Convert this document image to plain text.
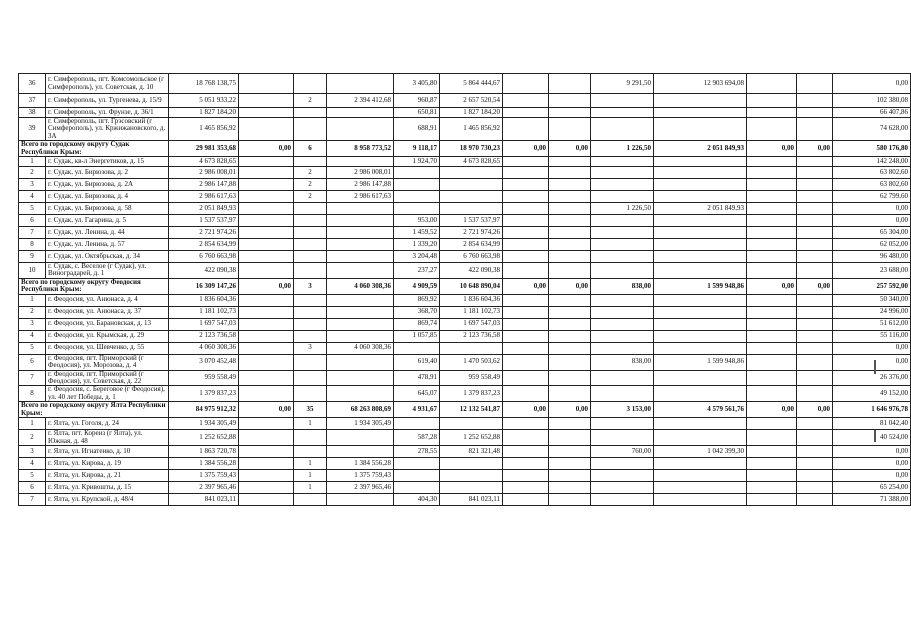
36	г. Симферополь, пгт. Комсомольское (г Симферополь), ул. Советская, д. 10	18 768 138,75				3 405,80	5 864 444,67			9 291,50	12 903 694,08			0,00
37	г. Симферополь, ул. Тургенева, д. 15/9	5 051 933,22		2	2 394 412,68	960,87	2 657 520,54							102 380,08
38	г. Симферополь, ул. Фрунзе, д. 36/1	1 827 184,20				650,81	1 827 184,20							66 407,86
39	г. Симферополь, пгт. Грэсовский (г Симферополь), ул. Кржижановского, д. 3А	1 465 856,92				688,91	1 465 856,92							74 628,00
Всего по городскому округу Судак Республики Крым:		29 981 353,68	0,00	6	8 958 773,52	9 118,17	18 970 730,23	0,00	0,00	1 226,50	2 051 849,93	0,00	0,00	580 176,80
1	г. Судак, кв-л Энергетиков, д. 15	4 673 828,65				1 924,70	4 673 828,65							142 248,00
2	г. Судак, ул. Бирюзова, д. 2	2 986 008,01		2	2 986 008,01									63 802,60
3	г. Судак, ул. Бирюзова, д. 2А	2 986 147,88		2	2 986 147,88									63 802,60
4	г. Судак, ул. Бирюзова, д. 4	2 986 617,63		2	2 986 617,63									62 799,60
5	г. Судак, ул. Бирюзова, д. 58	2 051 849,93								1 226,50	2 051 849,93			0,00
6	г. Судак, ул. Гагарина, д. 5	1 537 537,97				953,00	1 537 537,97							0,00
7	г. Судак, ул. Ленина, д. 44	2 721 974,26				1 459,52	2 721 974,26							65 304,00
8	г. Судак, ул. Ленина, д. 57	2 854 634,99				1 339,20	2 854 634,99							62 052,00
9	г. Судак, ул. Октябрьская, д. 34	6 760 663,98				3 204,48	6 760 663,98							96 480,00
10	г. Судак, с. Веселое (г Судак), ул. Виноградарей, д. 1	422 090,38				237,27	422 090,38							23 688,00
Всего по городскому округу Феодосия Республики Крым:		16 309 147,26	0,00	3	4 060 308,36	4 909,59	10 648 890,04	0,00	0,00	838,00	1 599 948,86	0,00	0,00	257 592,00
1	г. Феодосия, ул. Анюнаса, д. 4	1 836 604,36				869,92	1 836 604,36							50 340,00
2	г. Феодосия, ул. Анюнаса, д. 37	1 181 102,73				368,70	1 181 102,73							24 996,00
3	г. Феодосия, ул. Барановская, д. 13	1 697 547,03				869,74	1 697 547,03							51 612,00
4	г. Феодосия, ул. Крымская, д. 29	2 123 736,58				1 057,85	2 123 736,58							55 116,00
5	г. Феодосия, ул. Шевченко, д. 55	4 060 308,36		3	4 060 308,36									0,00
6	г. Феодосия, пгт. Приморский (г Феодосия), ул. Морозова, д. 4	3 070 452,48				619,40	1 470 503,62			838,00	1 599 948,86			0,00
7	г. Феодосия, пгт. Приморский (г Феодосия), ул. Советская, д. 22	959 558,49				478,91	959 558,49							26 376,00
8	г. Феодосия, с. Береговое (г Феодосия), ул. 40 лет Победы, д. 1	1 379 837,23				645,07	1 379 837,23							49 152,00
Всего по городскому округу Ялта Республики Крым:		84 975 912,32	0,00	35	68 263 808,69	4 931,67	12 132 541,87	0,00	0,00	3 153,00	4 579 561,76	0,00	0,00	1 646 976,78
1	г. Ялта, ул. Гоголя, д. 24	1 934 305,49		1	1 934 305,49									81 042,40
2	г. Ялта, пгт. Кореиз (г Ялта), ул. Южная, д. 48	1 252 652,88				587,28	1 252 652,88							40 524,00
3	г. Ялта, ул. Игнатенко, д. 10	1 863 720,78				278,55	821 321,48			760,00	1 042 399,30			0,00
4	г. Ялта, ул. Кирова, д. 19	1 384 556,28		1	1 384 556,28									0,00
5	г. Ялта, ул. Кирова, д. 21	1 375 759,43		1	1 375 759,43									0,00
6	г. Ялта, ул. Кривошты, д. 15	2 397 965,46		1	2 397 965,46									65 254,00
7	г. Ялта, ул. Крупской, д. 48/4	841 023,11				404,30	841 023,11							71 388,00
